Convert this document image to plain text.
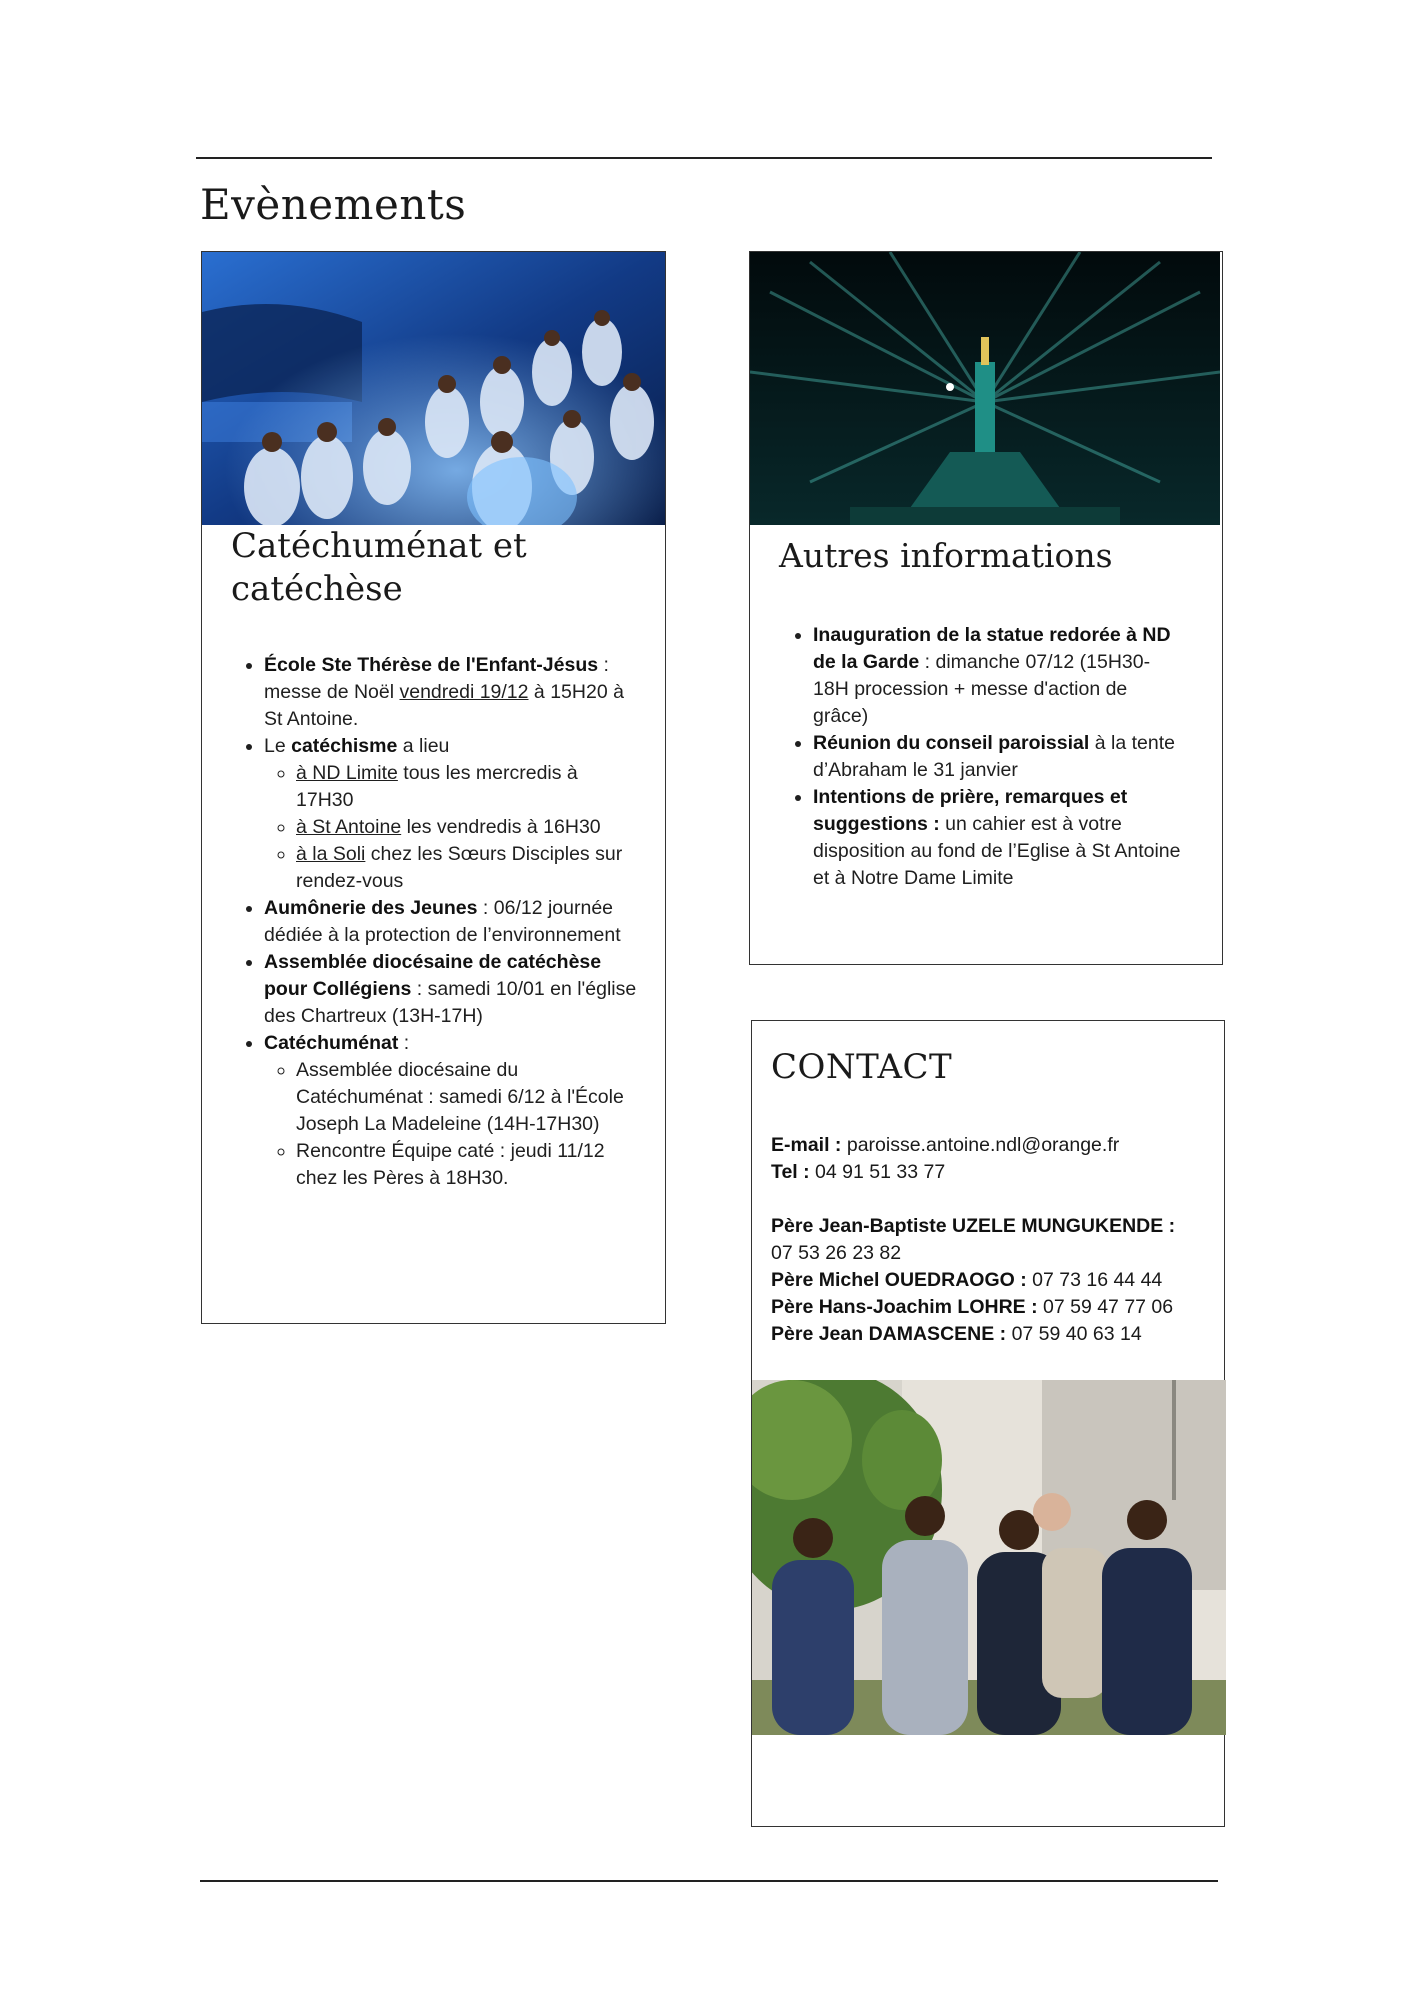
Evènements
Catéchuménat et
catéchèse
• École Ste Thérèse de l'Enfant-Jésus : messe de Noël vendredi 19/12 à 15H20 à St Antoine.
• Le catéchisme a lieu
◦ à ND Limite tous les mercredis à 17H30
◦ à St Antoine les vendredis à 16H30
◦ à la Soli chez les Sœurs Disciples sur rendez-vous
• Aumônerie des Jeunes : 06/12 journée dédiée à la protection de l’environnement
• Assemblée diocésaine de catéchèse pour Collégiens : samedi 10/01 en l'église des Chartreux (13H-17H)
• Catéchuménat :
◦ Assemblée diocésaine du Catéchuménat : samedi 6/12 à l'École Joseph La Madeleine (14H-17H30)
◦ Rencontre Équipe caté : jeudi 11/12 chez les Pères à 18H30.
Autres informations
• Inauguration de la statue redorée à ND de la Garde : dimanche 07/12 (15H30-18H procession + messe d'action de grâce)
• Réunion du conseil paroissial à la tente d’Abraham le 31 janvier
• Intentions de prière, remarques et suggestions : un cahier est à votre disposition au fond de l’Eglise à St Antoine et à Notre Dame Limite
CONTACT
E-mail : paroisse.antoine.ndl@orange.fr
Tel : 04 91 51 33 77
Père Jean-Baptiste UZELE MUNGUKENDE :
07 53 26 23 82
Père Michel OUEDRAOGO : 07 73 16 44 44
Père Hans-Joachim LOHRE : 07 59 47 77 06
Père Jean DAMASCENE : 07 59 40 63 14
